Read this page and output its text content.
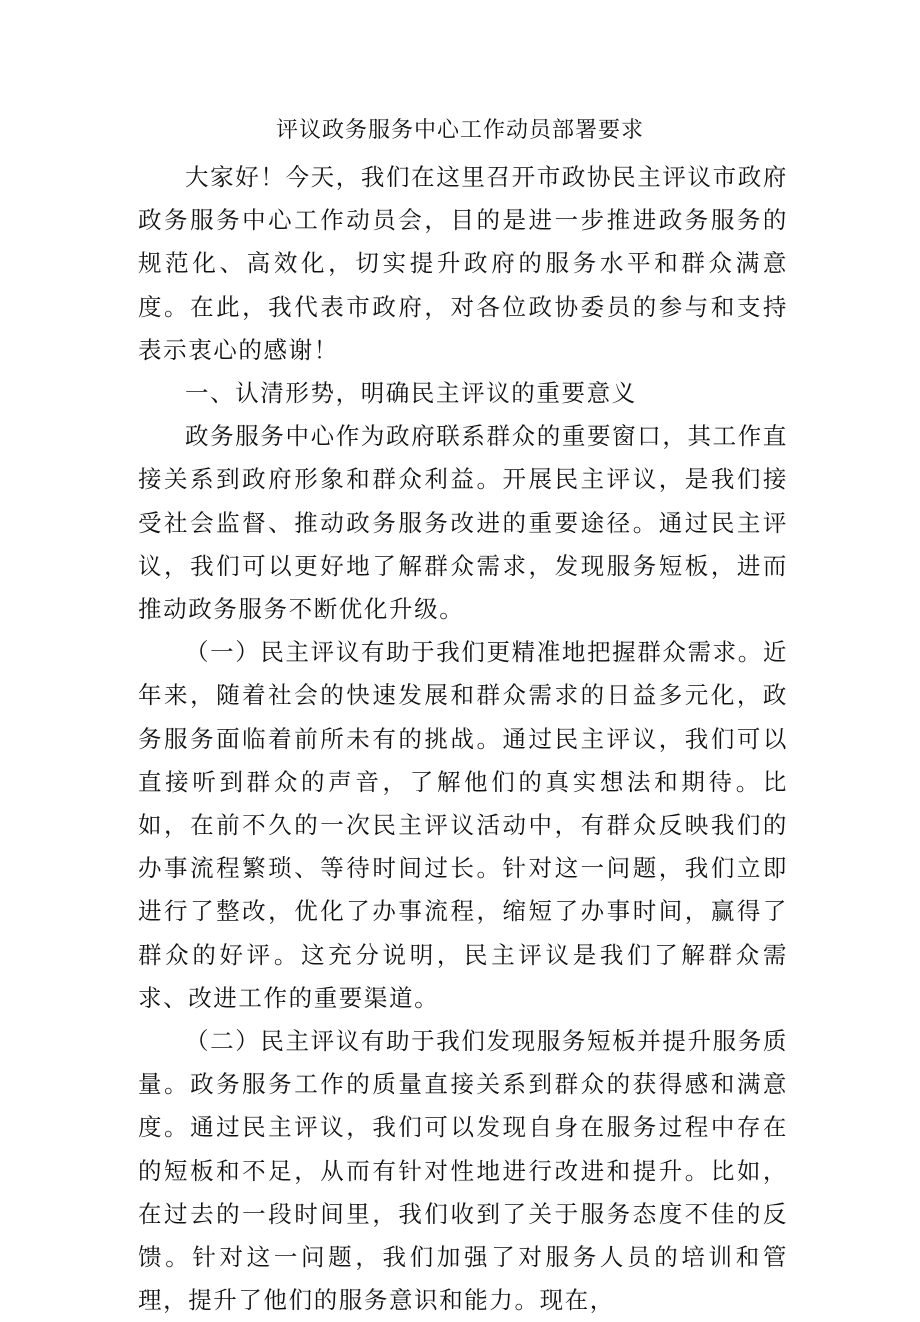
评议政务服务中心工作动员部署要求

大家好！今天，我们在这里召开市政协民主评议市政府政务服务中心工作动员会，目的是进一步推进政务服务的规范化、高效化，切实提升政府的服务水平和群众满意度。在此，我代表市政府，对各位政协委员的参与和支持表示衷心的感谢！

一、认清形势，明确民主评议的重要意义

政务服务中心作为政府联系群众的重要窗口，其工作直接关系到政府形象和群众利益。开展民主评议，是我们接受社会监督、推动政务服务改进的重要途径。通过民主评议，我们可以更好地了解群众需求，发现服务短板，进而推动政务服务不断优化升级。

（一）民主评议有助于我们更精准地把握群众需求。近年来，随着社会的快速发展和群众需求的日益多元化，政务服务面临着前所未有的挑战。通过民主评议，我们可以直接听到群众的声音，了解他们的真实想法和期待。比如，在前不久的一次民主评议活动中，有群众反映我们的办事流程繁琐、等待时间过长。针对这一问题，我们立即进行了整改，优化了办事流程，缩短了办事时间，赢得了群众的好评。这充分说明，民主评议是我们了解群众需求、改进工作的重要渠道。

（二）民主评议有助于我们发现服务短板并提升服务质量。政务服务工作的质量直接关系到群众的获得感和满意度。通过民主评议，我们可以发现自身在服务过程中存在的短板和不足，从而有针对性地进行改进和提升。比如，在过去的一段时间里，我们收到了关于服务态度不佳的反馈。针对这一问题，我们加强了对服务人员的培训和管理，提升了他们的服务意识和能力。现在，
